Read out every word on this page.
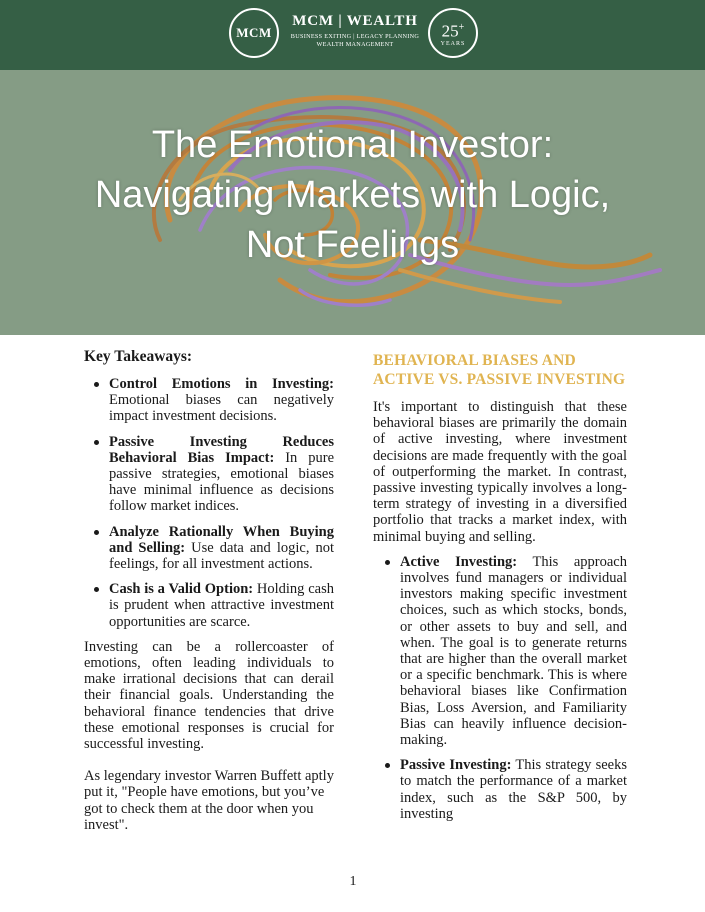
MCM
MCM | WEALTH
BUSINESS EXITING | LEGACY PLANNING
WEALTH MANAGEMENT
25+
YEARS
The Emotional Investor:
Navigating Markets with Logic,
Not Feelings
Key Takeaways:
Control Emotions in Investing: Emotional biases can negatively impact investment decisions.
Passive Investing Reduces Behavioral Bias Impact: In pure passive strategies, emotional biases have minimal influence as decisions follow market indices.
Analyze Rationally When Buying and Selling: Use data and logic, not feelings, for all investment actions.
Cash is a Valid Option: Holding cash is prudent when attractive investment opportunities are scarce.

Investing can be a rollercoaster of emotions, often leading individuals to make irrational decisions that can derail their financial goals. Understanding the behavioral finance tendencies that drive these emotional responses is crucial for successful investing.

As legendary investor Warren Buffett aptly put it, "People have emotions, but you’ve got to check them at the door when you invest".

BEHAVIORAL BIASES AND ACTIVE VS. PASSIVE INVESTING

It's important to distinguish that these behavioral biases are primarily the domain of active investing, where investment decisions are made frequently with the goal of outperforming the market. In contrast, passive investing typically involves a long-term strategy of investing in a diversified portfolio that tracks a market index, with minimal buying and selling.

Active Investing: This approach involves fund managers or individual investors making specific investment choices, such as which stocks, bonds, or other assets to buy and sell, and when. The goal is to generate returns that are higher than the overall market or a specific benchmark. This is where behavioral biases like Confirmation Bias, Loss Aversion, and Familiarity Bias can heavily influence decision-making.
Passive Investing: This strategy seeks to match the performance of a market index, such as the S&P 500, by investing
1
